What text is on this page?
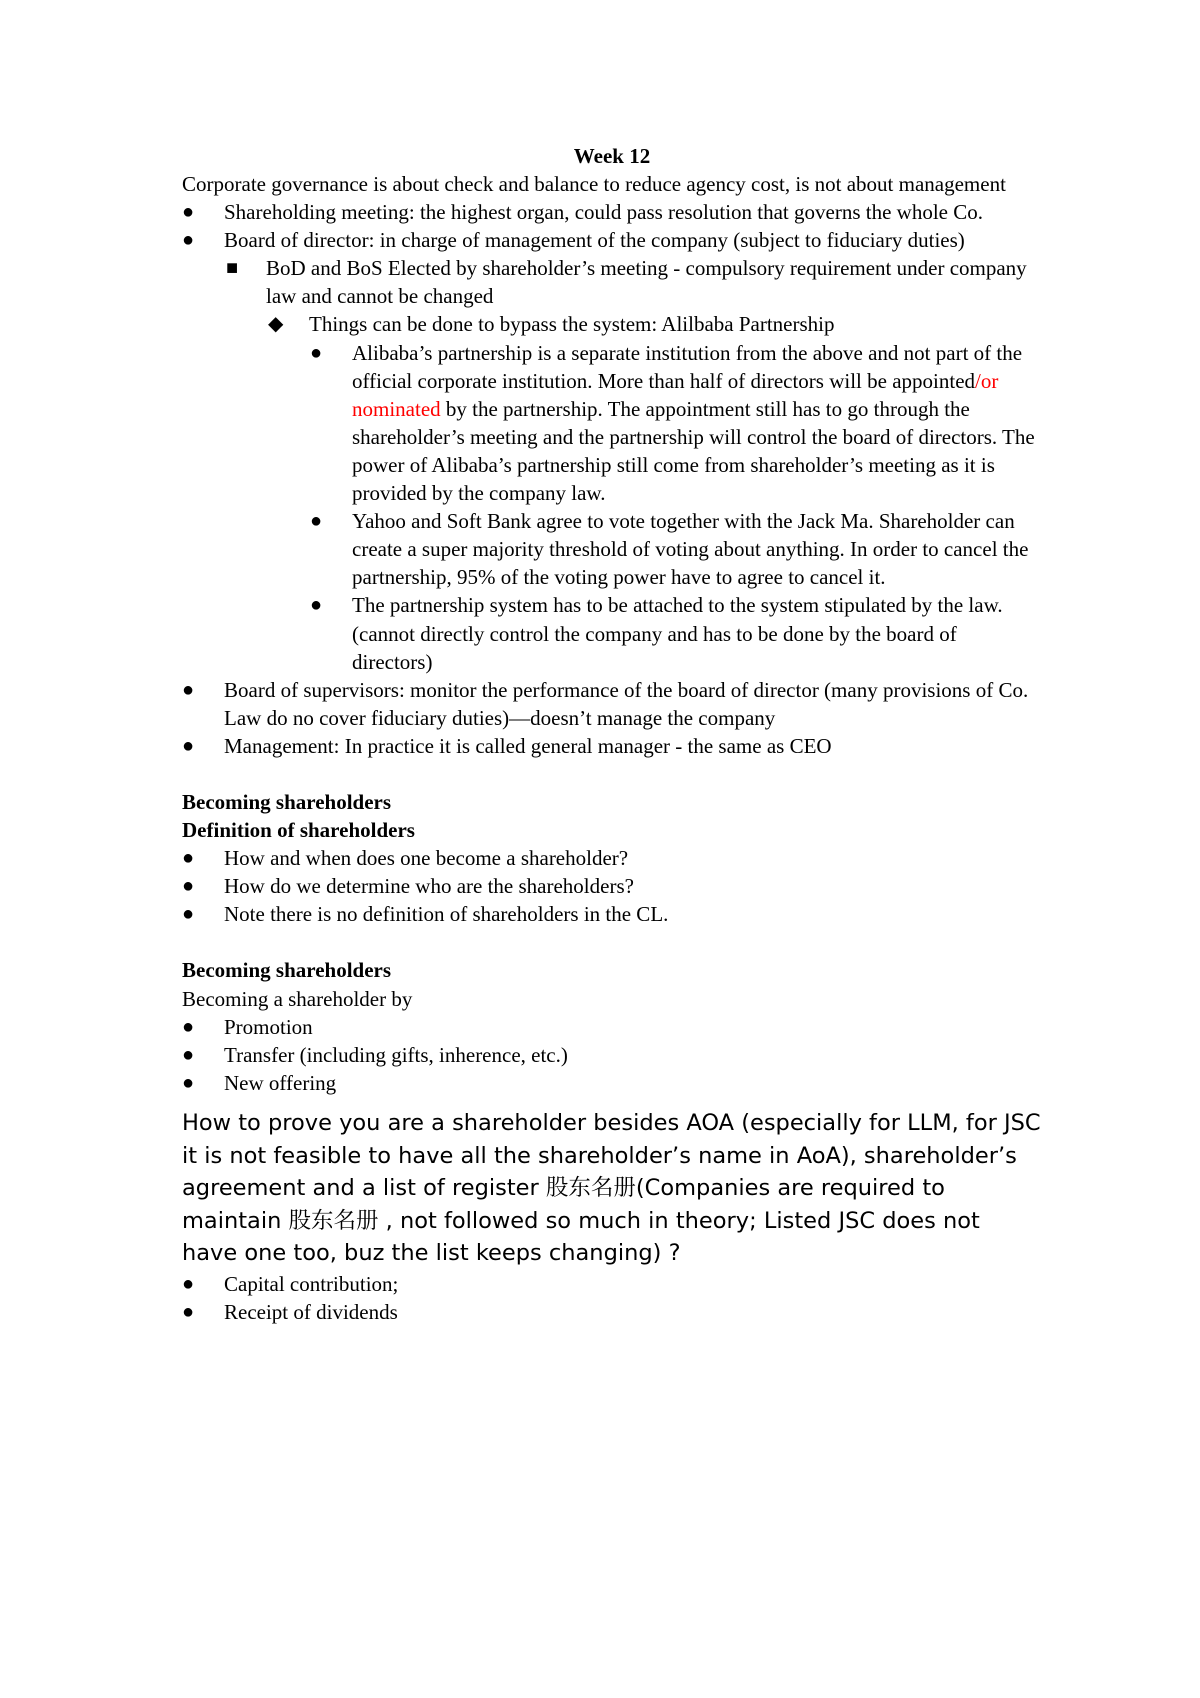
Week 12

Corporate governance is about check and balance to reduce agency cost, is not about management

● Shareholding meeting: the highest organ, could pass resolution that governs the whole Co.
● Board of director: in charge of management of the company (subject to fiduciary duties)
■ BoD and BoS Elected by shareholder’s meeting - compulsory requirement under company law and cannot be changed
◆ Things can be done to bypass the system: Alilbaba Partnership
● Alibaba’s partnership is a separate institution from the above and not part of the official corporate institution. More than half of directors will be appointed/or nominated by the partnership. The appointment still has to go through the shareholder’s meeting and the partnership will control the board of directors. The power of Alibaba’s partnership still come from shareholder’s meeting as it is provided by the company law.
● Yahoo and Soft Bank agree to vote together with the Jack Ma. Shareholder can create a super majority threshold of voting about anything. In order to cancel the partnership, 95% of the voting power have to agree to cancel it.
● The partnership system has to be attached to the system stipulated by the law. (cannot directly control the company and has to be done by the board of directors)
● Board of supervisors: monitor the performance of the board of director (many provisions of Co. Law do no cover fiduciary duties)—doesn’t manage the company
● Management: In practice it is called general manager - the same as CEO

Becoming shareholders

Definition of shareholders

● How and when does one become a shareholder?
● How do we determine who are the shareholders?
● Note there is no definition of shareholders in the CL.

Becoming shareholders

Becoming a shareholder by

● Promotion
● Transfer (including gifts, inherence, etc.)
● New offering

How to prove you are a shareholder besides AOA (especially for LLM, for JSC it is not feasible to have all the shareholder’s name in AoA), shareholder’s agreement and a list of register 股东名册(Companies are required to maintain 股东名册 , not followed so much in theory; Listed JSC does not have one too, buz the list keeps changing) ?

● Capital contribution;
● Receipt of dividends
